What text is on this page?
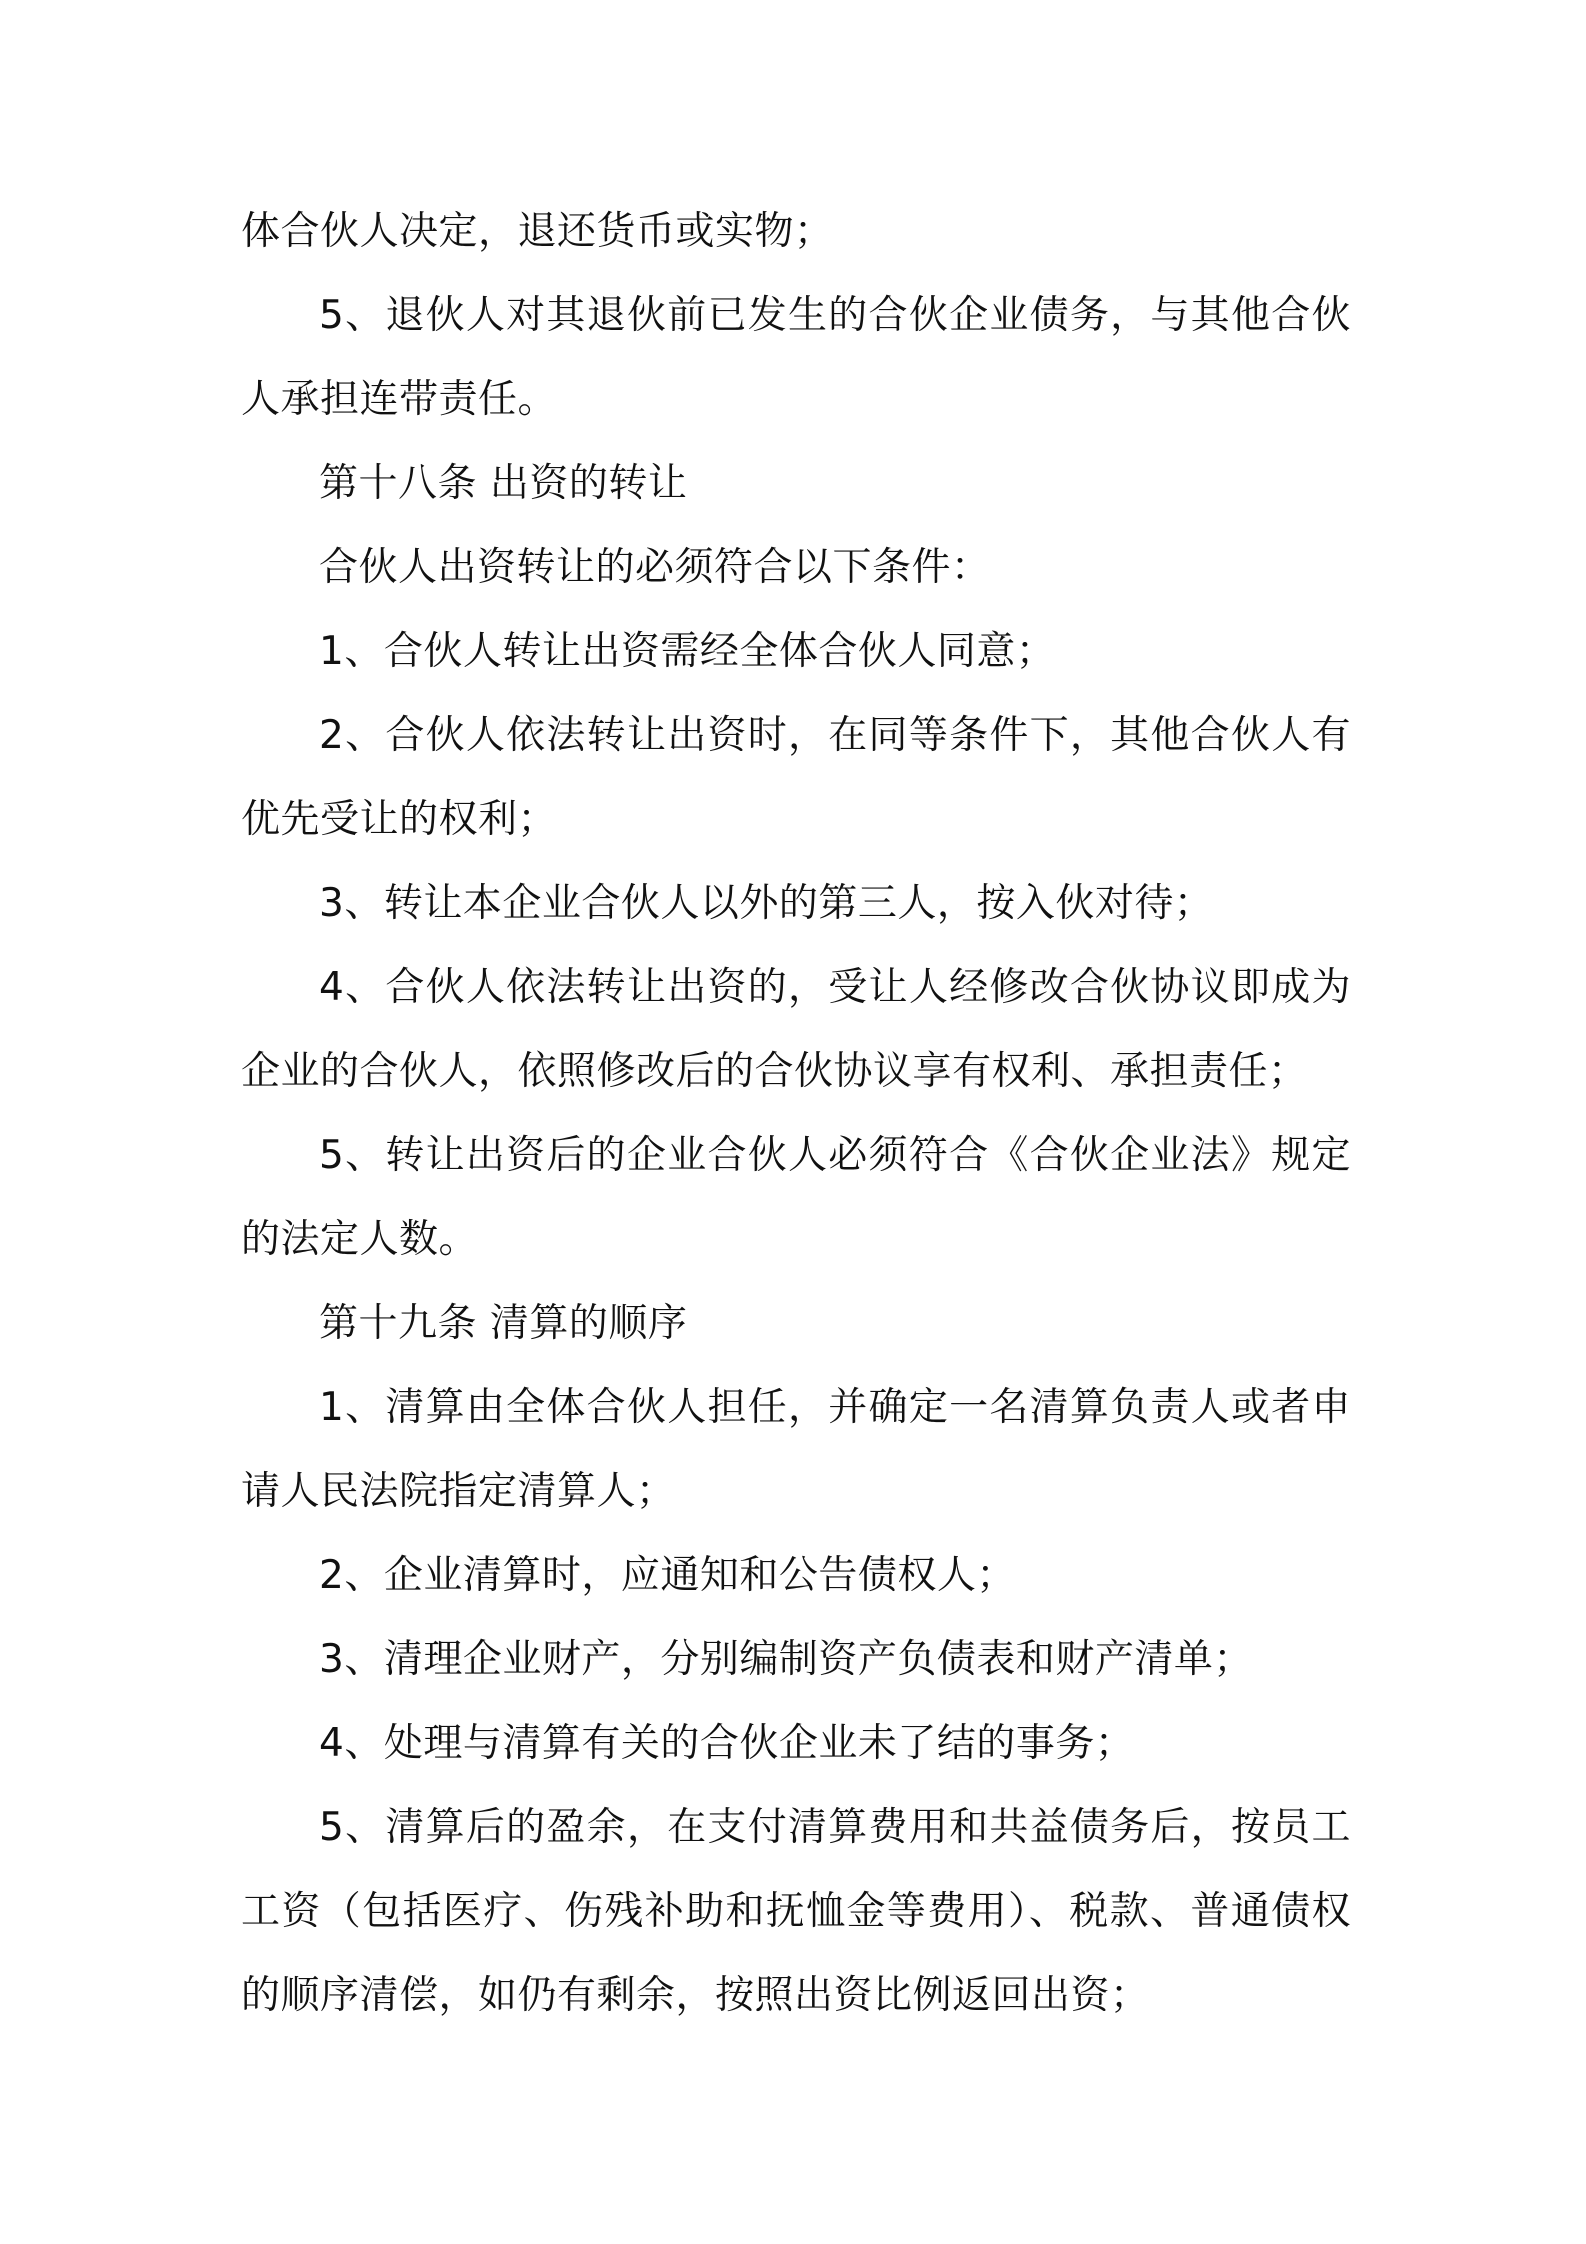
体合伙人决定，退还货币或实物；

5、退伙人对其退伙前已发生的合伙企业债务，与其他合伙人承担连带责任。

第十八条 出资的转让

合伙人出资转让的必须符合以下条件：

1、合伙人转让出资需经全体合伙人同意；

2、合伙人依法转让出资时，在同等条件下，其他合伙人有优先受让的权利；

3、转让本企业合伙人以外的第三人，按入伙对待；

4、合伙人依法转让出资的，受让人经修改合伙协议即成为企业的合伙人，依照修改后的合伙协议享有权利、承担责任；

5、转让出资后的企业合伙人必须符合《合伙企业法》规定的法定人数。

第十九条 清算的顺序

1、清算由全体合伙人担任，并确定一名清算负责人或者申请人民法院指定清算人；

2、企业清算时，应通知和公告债权人；

3、清理企业财产，分别编制资产负债表和财产清单；

4、处理与清算有关的合伙企业未了结的事务；

5、清算后的盈余，在支付清算费用和共益债务后，按员工工资（包括医疗、伤残补助和抚恤金等费用）、税款、普通债权的顺序清偿，如仍有剩余，按照出资比例返回出资；
